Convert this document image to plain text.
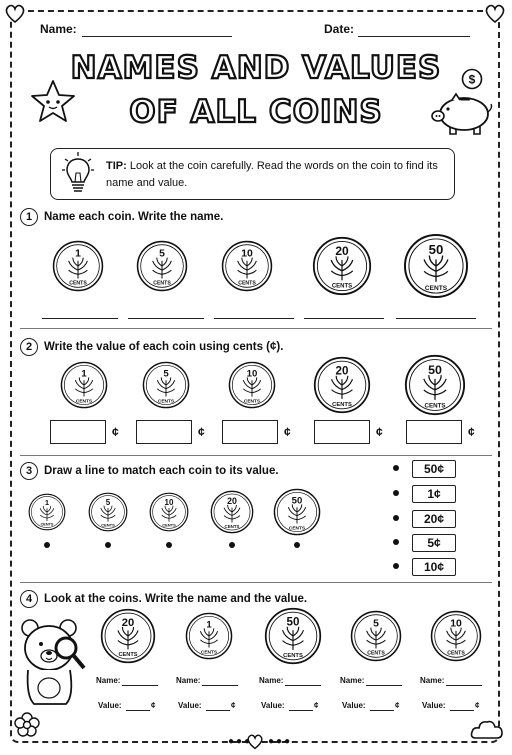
Name:	Date:
NAMES AND VALUES
OF ALL COINS
$
TIP: Look at the coin carefully. Read the words on the coin to find its name and value.
1	Name each coin. Write the name.
2	Write the value of each coin using cents (¢).
¢	¢	¢	¢	¢
3	Draw a line to match each coin to its value.	50¢
1¢
20¢
5¢
10¢
4	Look at the coins. Write the name and the value.
●●● ●●●
1
CENTS
5
CENTS
10
CENTS
20
CENTS
50
CENTS
1
CENTS
5
CENTS
10
CENTS
20
CENTS
50
CENTS
1
CENTS
5
CENTS
10
CENTS
20
CENTS
50
CENTS
20
CENTS
1
CENTS
50
CENTS
5
CENTS
10
CENTS
Name:
Value:	¢
Name:
Value:	¢
Name:
Value:	¢
Name:
Value:	¢
Name:
Value:	¢
